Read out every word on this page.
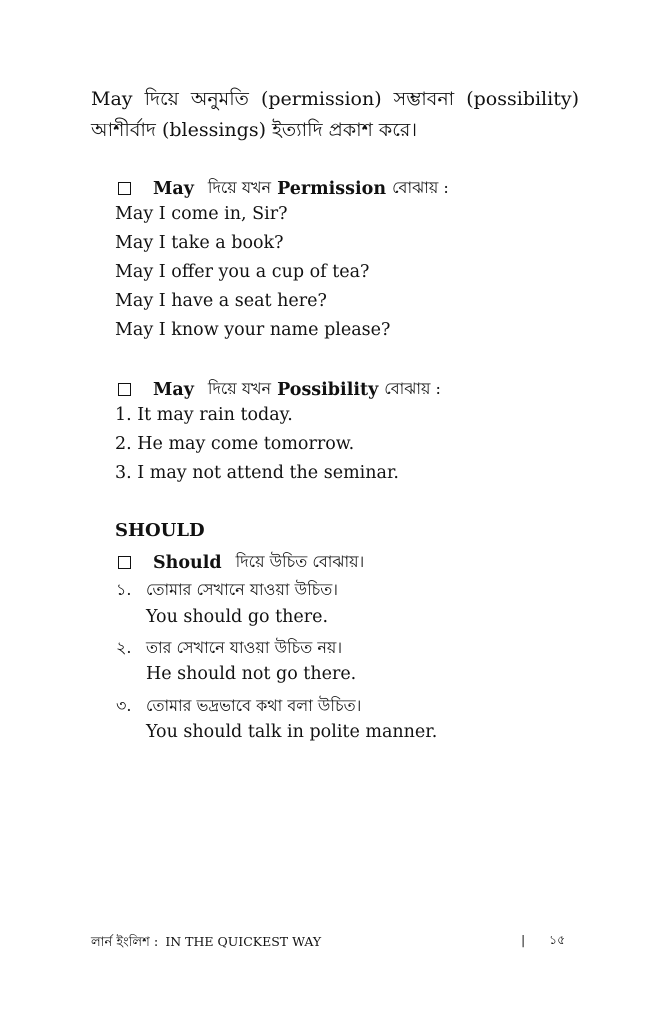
May দিয়ে অনুমতি (permission) সম্ভাবনা (possibility) আশীর্বাদ (blessings) ইত্যাদি প্রকাশ করে।
May দিয়ে যখন Permission বোঝায় :
May I come in, Sir?
May I take a book?
May I offer you a cup of tea?
May I have a seat here?
May I know your name please?
May দিয়ে যখন Possibility বোঝায় :
1. It may rain today.
2. He may come tomorrow.
3. I may not attend the seminar.
SHOULD
Should দিয়ে উচিত বোঝায়।
১. তোমার সেখানে যাওয়া উচিত।
You should go there.
২. তার সেখানে যাওয়া উচিত নয়।
He should not go there.
৩. তোমার ভদ্রভাবে কথা বলা উচিত।
You should talk in polite manner.
লার্ন ইংলিশ : IN THE QUICKEST WAY	| ১৫
